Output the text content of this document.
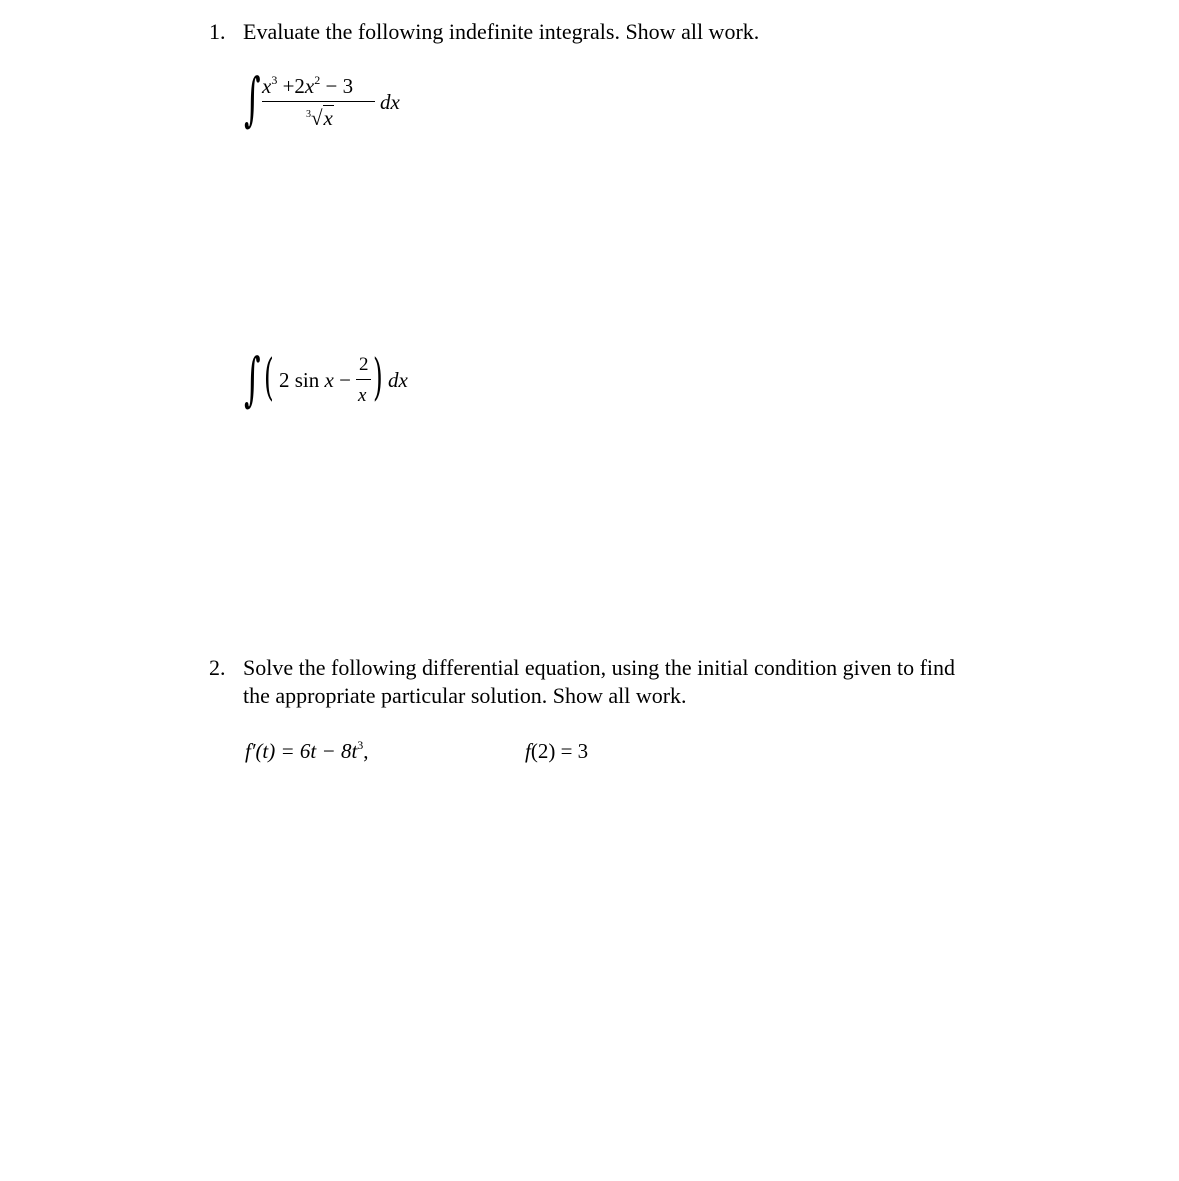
1. Evaluate the following indefinite integrals. Show all work.
∫ $x^3 +2x^2 - 3$
$^3$√x
dx
∫ ( 2 sin x −
2
x ) dx
2. Solve the following differential equation, using the initial condition given to find
the appropriate particular solution. Show all work.
$f'(t) = 6t - 8t^3$,	f(2) = 3
